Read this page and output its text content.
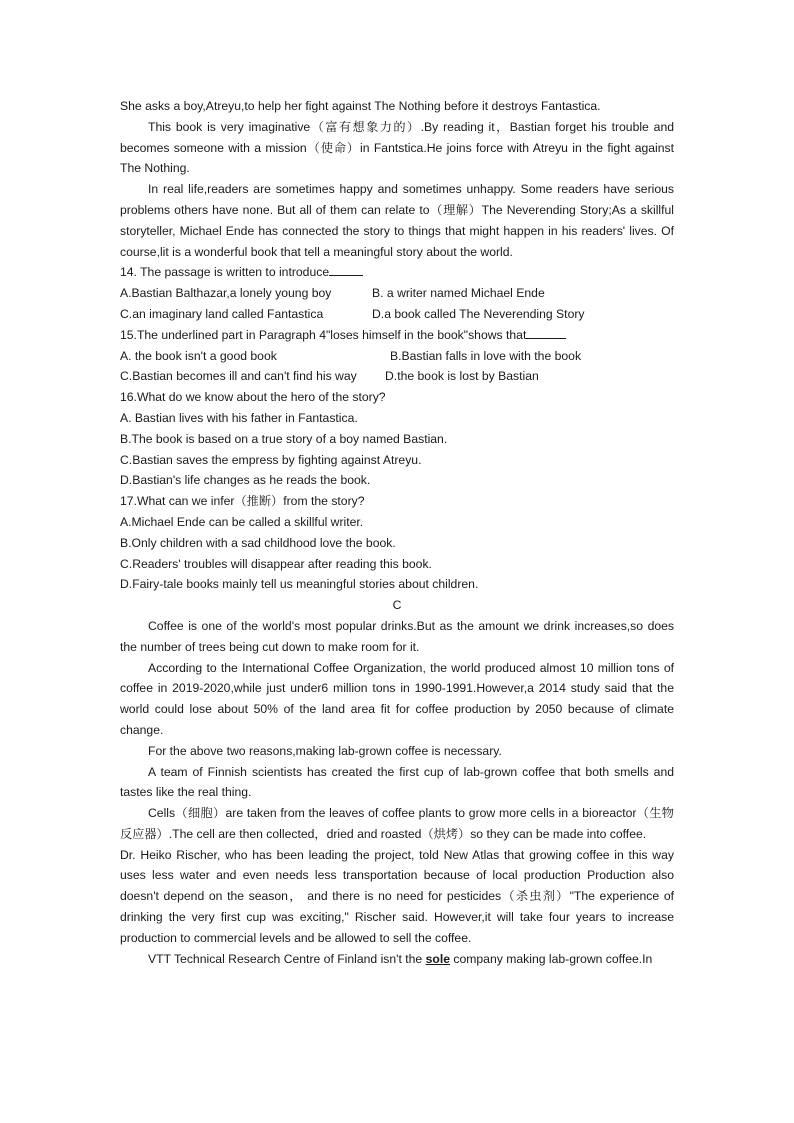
She asks a boy,Atreyu,to help her fight against The Nothing before it destroys Fantastica.

This book is very imaginative（富有想象力的）.By reading it，Bastian forget his trouble and becomes someone with a mission（使命）in Fantstica.He joins force with Atreyu in the fight against The Nothing.

In real life,readers are sometimes happy and sometimes unhappy. Some readers have serious problems others have none. But all of them can relate to（理解）The Neverending Story;As a skillful storyteller, Michael Ende has connected the story to things that might happen in his readers' lives. Of course,lit is a wonderful book that tell a meaningful story about the world.

14. The passage is written to introduce

A.Bastian Balthazar,a lonely young boy	B. a writer named Michael Ende
C.an imaginary land called Fantastica	D.a book called The Neverending Story

15.The underlined part in Paragraph 4"loses himself in the book"shows that

A. the book isn't a good book	B.Bastian falls in love with the book
C.Bastian becomes ill and can't find his way	D.the book is lost by Bastian

16.What do we know about the hero of the story?

A. Bastian lives with his father in Fantastica.

B.The book is based on a true story of a boy named Bastian.

C.Bastian saves the empress by fighting against Atreyu.

D.Bastian's life changes as he reads the book.

17.What can we infer（推断）from the story?

A.Michael Ende can be called a skillful writer.

B.Only children with a sad childhood love the book.

C.Readers' troubles will disappear after reading this book.

D.Fairy-tale books mainly tell us meaningful stories about children.

C

Coffee is one of the world's most popular drinks.But as the amount we drink increases,so does the number of trees being cut down to make room for it.

According to the International Coffee Organization, the world produced almost 10 million tons of coffee in 2019-2020,while just under6 million tons in 1990-1991.However,a 2014 study said that the world could lose about 50% of the land area fit for coffee production by 2050 because of climate change.

For the above two reasons,making lab-grown coffee is necessary.

A team of Finnish scientists has created the first cup of lab-grown coffee that both smells and tastes like the real thing.

Cells（细胞）are taken from the leaves of coffee plants to grow more cells in a bioreactor（生物反应器）.The cell are then collected，dried and roasted（烘烤）so they can be made into coffee.

Dr. Heiko Rischer, who has been leading the project, told New Atlas that growing coffee in this way uses less water and even needs less transportation because of local production Production also doesn't depend on the season， and there is no need for pesticides（杀虫剂）"The experience of drinking the very first cup was exciting," Rischer said. However,it will take four years to increase production to commercial levels and be allowed to sell the coffee.

VTT Technical Research Centre of Finland isn't the sole company making lab-grown coffee.In
